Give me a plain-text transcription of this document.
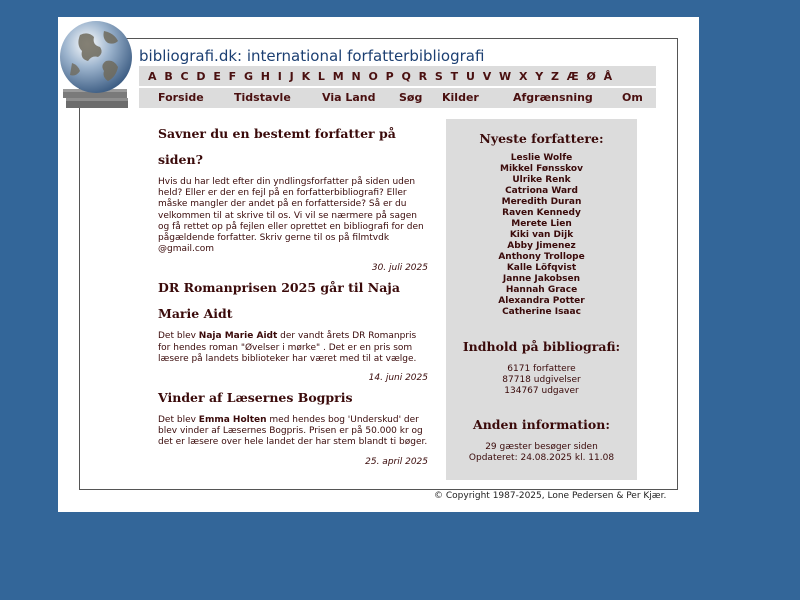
bibliografi.dk: international forfatterbibliografi
A B C D E F G H I J K L M N O P Q R S T U V W X Y Z Æ Ø Å
Forside	Tidstavle	Via Land Søg Kilder	Afgrænsning	Om
Savner du en bestemt forfatter på siden?

Hvis du har ledt efter din yndlingsforfatter på siden uden held? Eller er der en fejl på en forfatterbibliografi? Eller måske mangler der andet på en forfatterside? Så er du velkommen til at skrive til os. Vi vil se nærmere på sagen og få rettet op på fejlen eller oprettet en bibliografi for den pågældende forfatter. Skriv gerne til os på filmtvdk @gmail.com

30. juli 2025
DR Romanprisen 2025 går til Naja Marie Aidt

Det blev Naja Marie Aidt der vandt årets DR Romanpris for hendes roman "Øvelser i mørke" . Det er en pris som læsere på landets biblioteker har været med til at vælge.

14. juni 2025
Vinder af Læsernes Bogpris

Det blev Emma Holten med hendes bog 'Underskud' der blev vinder af Læsernes Bogpris. Prisen er på 50.000 kr og det er læsere over hele landet der har stem blandt ti bøger.

25. april 2025
Nyeste forfattere:
Leslie Wolfe
Mikkel Fønsskov
Ulrike Renk
Catriona Ward
Meredith Duran
Raven Kennedy
Merete Lien
Kiki van Dijk
Abby Jimenez
Anthony Trollope
Kalle Löfqvist
Janne Jakobsen
Hannah Grace
Alexandra Potter
Catherine Isaac
Indhold på bibliografi:
6171 forfattere
87718 udgivelser
134767 udgaver
Anden information:
29 gæster besøger siden
Opdateret: 24.08.2025 kl. 11.08
© Copyright 1987-2025, Lone Pedersen & Per Kjær.
